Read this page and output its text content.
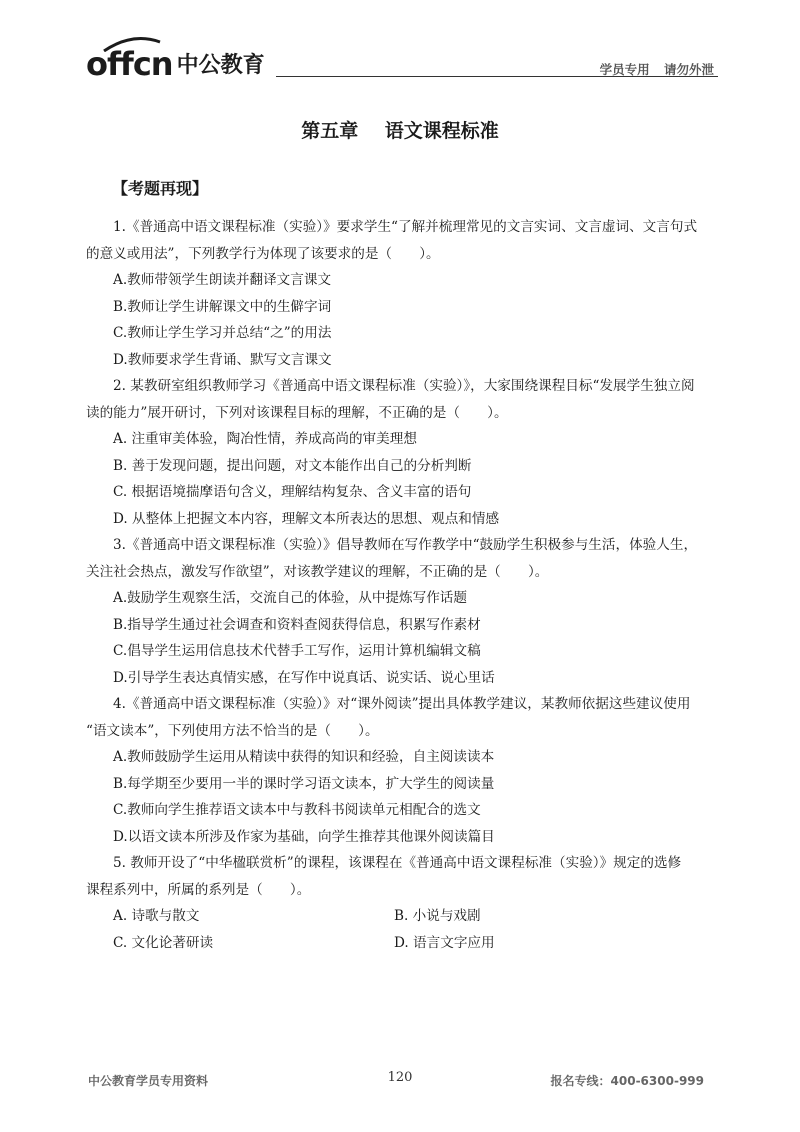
offcn 中公教育	学员专用 请勿外泄
第五章    语文课程标准
【考题再现】
1.《普通高中语文课程标准（实验）》要求学生“了解并梳理常见的文言实词、文言虚词、文言句式
的意义或用法”，下列教学行为体现了该要求的是（　　）。
A.教师带领学生朗读并翻译文言课文
B.教师让学生讲解课文中的生僻字词
C.教师让学生学习并总结“之”的用法
D.教师要求学生背诵、默写文言课文
2. 某教研室组织教师学习《普通高中语文课程标准（实验）》，大家围绕课程目标“发展学生独立阅
读的能力”展开研讨，下列对该课程目标的理解，不正确的是（　　）。
A. 注重审美体验，陶冶性情，养成高尚的审美理想
B. 善于发现问题，提出问题，对文本能作出自己的分析判断
C. 根据语境揣摩语句含义，理解结构复杂、含义丰富的语句
D. 从整体上把握文本内容，理解文本所表达的思想、观点和情感
3.《普通高中语文课程标准（实验）》倡导教师在写作教学中“鼓励学生积极参与生活，体验人生，
关注社会热点，激发写作欲望”，对该教学建议的理解，不正确的是（　　）。
A.鼓励学生观察生活，交流自己的体验，从中提炼写作话题
B.指导学生通过社会调查和资料查阅获得信息，积累写作素材
C.倡导学生运用信息技术代替手工写作，运用计算机编辑文稿
D.引导学生表达真情实感，在写作中说真话、说实话、说心里话
4.《普通高中语文课程标准（实验）》对“课外阅读”提出具体教学建议，某教师依据这些建议使用
“语文读本”，下列使用方法不恰当的是（　　）。
A.教师鼓励学生运用从精读中获得的知识和经验，自主阅读读本
B.每学期至少要用一半的课时学习语文读本，扩大学生的阅读量
C.教师向学生推荐语文读本中与教科书阅读单元相配合的选文
D.以语文读本所涉及作家为基础，向学生推荐其他课外阅读篇目
5. 教师开设了“中华楹联赏析”的课程，该课程在《普通高中语文课程标准（实验）》规定的选修
课程系列中，所属的系列是（　　）。
A. 诗歌与散文	B. 小说与戏剧
C. 文化论著研读	D. 语言文字应用
中公教育学员专用资料	120	报名专线：400-6300-999
